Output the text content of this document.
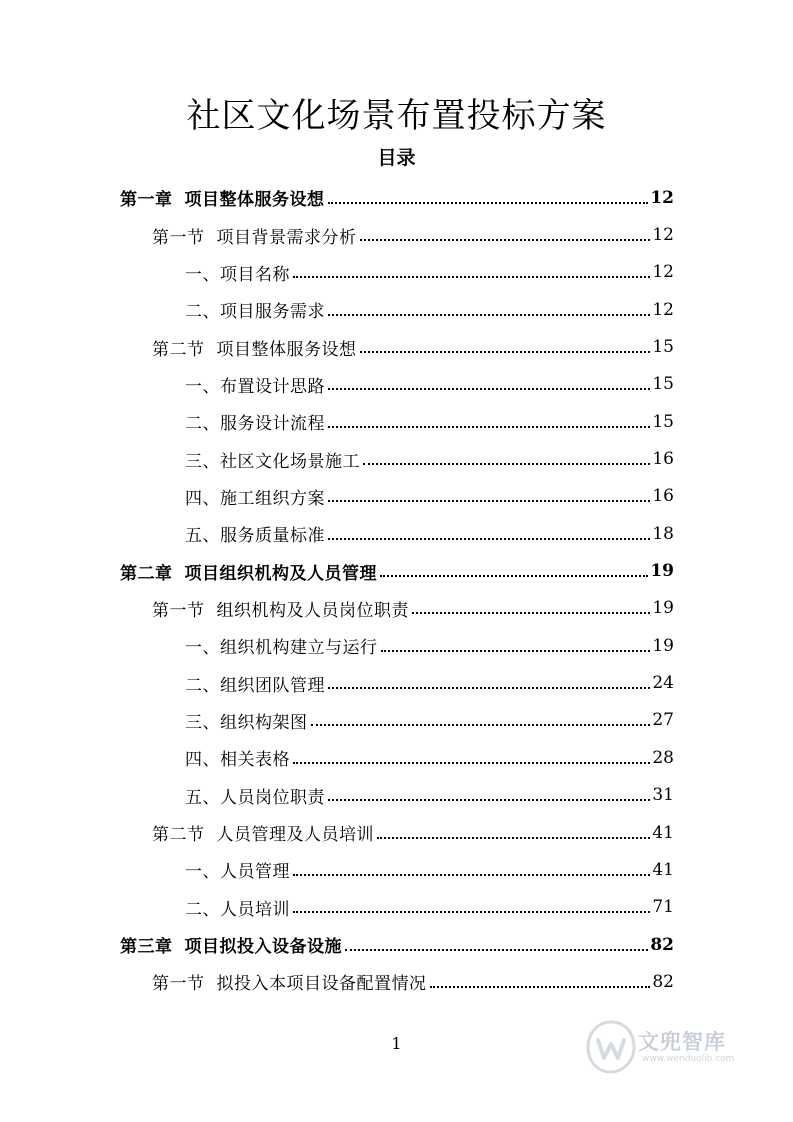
社区文化场景布置投标方案
目录
第一章 项目整体服务设想	12
第一节 项目背景需求分析	12
一、项目名称	12
二、项目服务需求	12
第二节 项目整体服务设想	15
一、布置设计思路	15
二、服务设计流程	15
三、社区文化场景施工	16
四、施工组织方案	16
五、服务质量标准	18
第二章 项目组织机构及人员管理	19
第一节 组织机构及人员岗位职责	19
一、组织机构建立与运行	19
二、组织团队管理	24
三、组织构架图	27
四、相关表格	28
五、人员岗位职责	31
第二节 人员管理及人员培训	41
一、人员管理	41
二、人员培训	71
第三章 项目拟投入设备设施	82
第一节 拟投入本项目设备配置情况	82
1	文兜智库
www.wenduolib.com
